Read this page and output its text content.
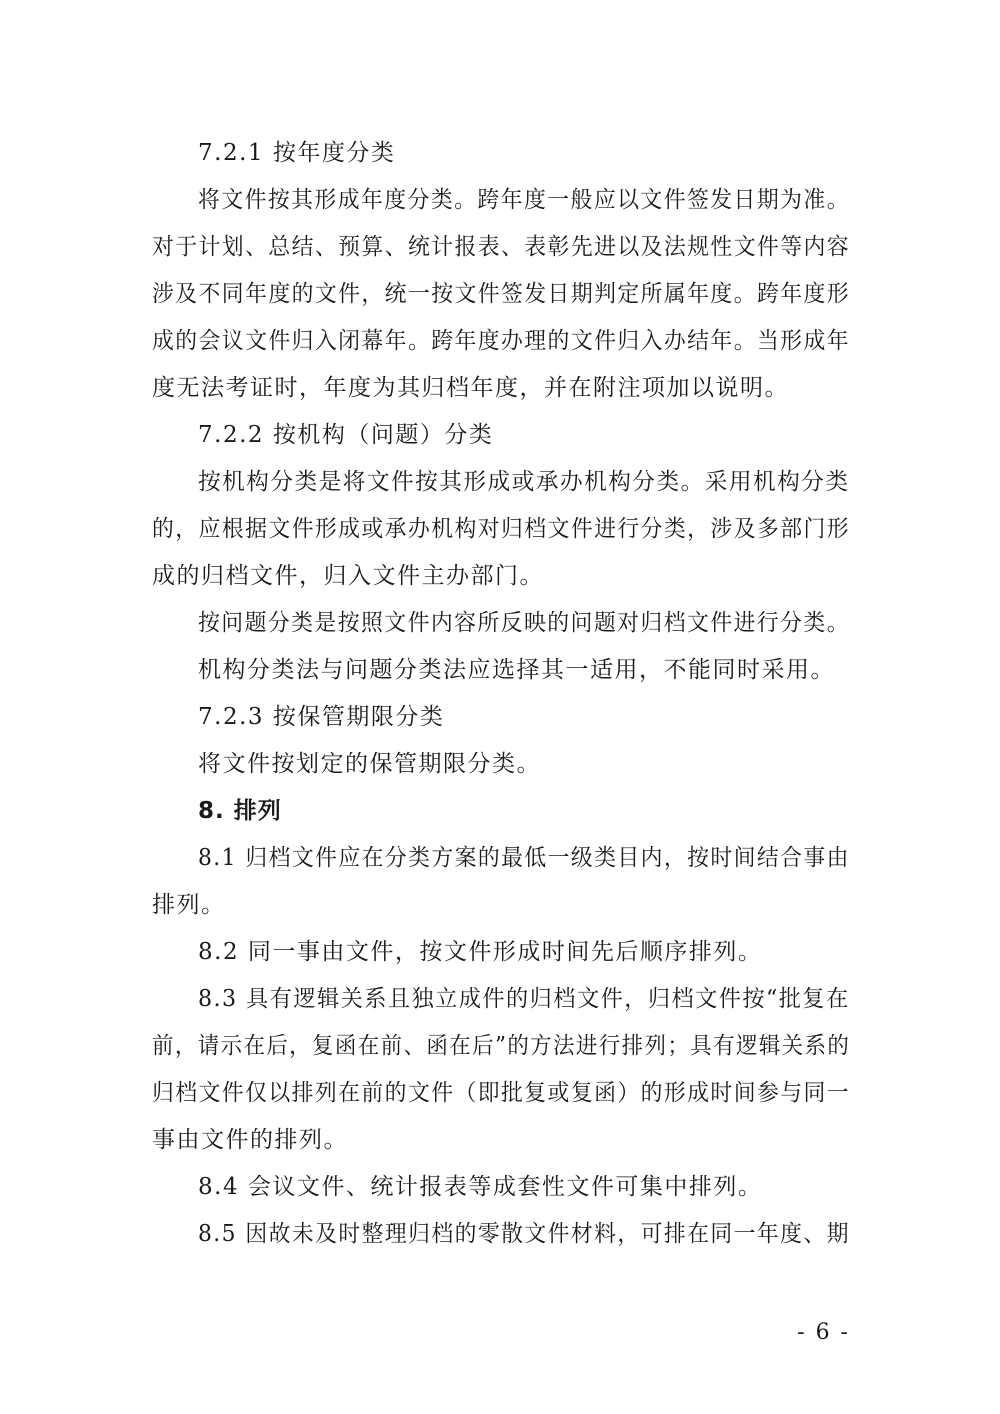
7.2.1 按年度分类
将文件按其形成年度分类。跨年度一般应以文件签发日期为准。
对于计划、总结、预算、统计报表、表彰先进以及法规性文件等内容
涉及不同年度的文件，统一按文件签发日期判定所属年度。跨年度形
成的会议文件归入闭幕年。跨年度办理的文件归入办结年。当形成年
度无法考证时，年度为其归档年度，并在附注项加以说明。
7.2.2 按机构（问题）分类
按机构分类是将文件按其形成或承办机构分类。采用机构分类
的，应根据文件形成或承办机构对归档文件进行分类，涉及多部门形
成的归档文件，归入文件主办部门。
按问题分类是按照文件内容所反映的问题对归档文件进行分类。
机构分类法与问题分类法应选择其一适用，不能同时采用。
7.2.3 按保管期限分类
将文件按划定的保管期限分类。
8. 排列
8.1 归档文件应在分类方案的最低一级类目内，按时间结合事由
排列。
8.2 同一事由文件，按文件形成时间先后顺序排列。
8.3 具有逻辑关系且独立成件的归档文件，归档文件按“批复在
前，请示在后，复函在前、函在后”的方法进行排列；具有逻辑关系的
归档文件仅以排列在前的文件（即批复或复函）的形成时间参与同一
事由文件的排列。
8.4 会议文件、统计报表等成套性文件可集中排列。
8.5 因故未及时整理归档的零散文件材料，可排在同一年度、期
- 6 -
